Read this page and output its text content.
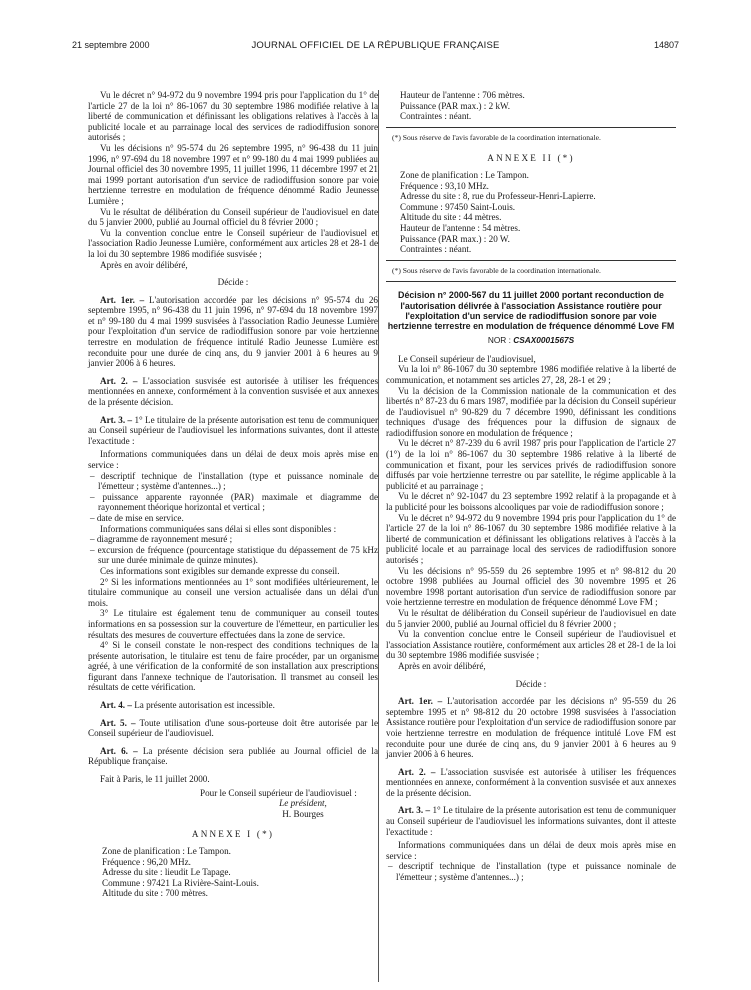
21 septembre 2000	JOURNAL OFFICIEL DE LA RÉPUBLIQUE FRANÇAISE	14807

Vu le décret n° 94-972 du 9 novembre 1994 pris pour l'application du 1° de l'article 27 de la loi n° 86-1067 du 30 septembre 1986 modifiée relative à la liberté de communication et définissant les obligations relatives à l'accès à la publicité locale et au parrainage local des services de radiodiffusion sonore autorisés ;

Vu les décisions n° 95-574 du 26 septembre 1995, n° 96-438 du 11 juin 1996, n° 97-694 du 18 novembre 1997 et n° 99-180 du 4 mai 1999 publiées au Journal officiel des 30 novembre 1995, 11 juillet 1996, 11 décembre 1997 et 21 mai 1999 portant autorisation d'un service de radiodiffusion sonore par voie hertzienne terrestre en modulation de fréquence dénommé Radio Jeunesse Lumière ;

Vu le résultat de délibération du Conseil supérieur de l'audiovisuel en date du 5 janvier 2000, publié au Journal officiel du 8 février 2000 ;

Vu la convention conclue entre le Conseil supérieur de l'audiovisuel et l'association Radio Jeunesse Lumière, conformément aux articles 28 et 28-1 de la loi du 30 septembre 1986 modifiée susvisée ;

Après en avoir délibéré,

Décide :

Art. 1er. – L'autorisation accordée par les décisions n° 95-574 du 26 septembre 1995, n° 96-438 du 11 juin 1996, n° 97-694 du 18 novembre 1997 et n° 99-180 du 4 mai 1999 susvisées à l'association Radio Jeunesse Lumière pour l'exploitation d'un service de radiodiffusion sonore par voie hertzienne terrestre en modulation de fréquence intitulé Radio Jeunesse Lumière est reconduite pour une durée de cinq ans, du 9 janvier 2001 à 6 heures au 9 janvier 2006 à 6 heures.

Art. 2. – L'association susvisée est autorisée à utiliser les fréquences mentionnées en annexe, conformément à la convention susvisée et aux annexes de la présente décision.

Art. 3. – 1° Le titulaire de la présente autorisation est tenu de communiquer au Conseil supérieur de l'audiovisuel les informations suivantes, dont il atteste l'exactitude :

Informations communiquées dans un délai de deux mois après mise en service :

– descriptif technique de l'installation (type et puissance nominale de l'émetteur ; système d'antennes...) ;

– puissance apparente rayonnée (PAR) maximale et diagramme de rayonnement théorique horizontal et vertical ;

– date de mise en service.

Informations communiquées sans délai si elles sont disponibles :

– diagramme de rayonnement mesuré ;

– excursion de fréquence (pourcentage statistique du dépassement de 75 kHz sur une durée minimale de quinze minutes).

Ces informations sont exigibles sur demande expresse du conseil.

2° Si les informations mentionnées au 1° sont modifiées ultérieurement, le titulaire communique au conseil une version actualisée dans un délai d'un mois.

3° Le titulaire est également tenu de communiquer au conseil toutes informations en sa possession sur la couverture de l'émetteur, en particulier les résultats des mesures de couverture effectuées dans la zone de service.

4° Si le conseil constate le non-respect des conditions techniques de la présente autorisation, le titulaire est tenu de faire procéder, par un organisme agréé, à une vérification de la conformité de son installation aux prescriptions figurant dans l'annexe technique de l'autorisation. Il transmet au conseil les résultats de cette vérification.

Art. 4. – La présente autorisation est incessible.

Art. 5. – Toute utilisation d'une sous-porteuse doit être autorisée par le Conseil supérieur de l'audiovisuel.

Art. 6. – La présente décision sera publiée au Journal officiel de la République française.

Fait à Paris, le 11 juillet 2000.

Pour le Conseil supérieur de l'audiovisuel :

Le président,

H. Bourges

ANNEXE I (*)

Zone de planification : Le Tampon.

Fréquence : 96,20 MHz.

Adresse du site : lieudit Le Tapage.

Commune : 97421 La Rivière-Saint-Louis.

Altitude du site : 700 mètres.

Hauteur de l'antenne : 706 mètres.

Puissance (PAR max.) : 2 kW.

Contraintes : néant.

(*) Sous réserve de l'avis favorable de la coordination internationale.

ANNEXE II (*)

Zone de planification : Le Tampon.

Fréquence : 93,10 MHz.

Adresse du site : 8, rue du Professeur-Henri-Lapierre.

Commune : 97450 Saint-Louis.

Altitude du site : 44 mètres.

Hauteur de l'antenne : 54 mètres.

Puissance (PAR max.) : 20 W.

Contraintes : néant.

(*) Sous réserve de l'avis favorable de la coordination internationale.

Décision n° 2000-567 du 11 juillet 2000 portant reconduction de l'autorisation délivrée à l'association Assistance routière pour l'exploitation d'un service de radiodiffusion sonore par voie hertzienne terrestre en modulation de fréquence dénommé Love FM

NOR : CSAX0001567S

Le Conseil supérieur de l'audiovisuel,

Vu la loi n° 86-1067 du 30 septembre 1986 modifiée relative à la liberté de communication, et notamment ses articles 27, 28, 28-1 et 29 ;

Vu la décision de la Commission nationale de la communication et des libertés n° 87-23 du 6 mars 1987, modifiée par la décision du Conseil supérieur de l'audiovisuel n° 90-829 du 7 décembre 1990, définissant les conditions techniques d'usage des fréquences pour la diffusion de signaux de radiodiffusion sonore en modulation de fréquence ;

Vu le décret n° 87-239 du 6 avril 1987 pris pour l'application de l'article 27 (1°) de la loi n° 86-1067 du 30 septembre 1986 relative à la liberté de communication et fixant, pour les services privés de radiodiffusion sonore diffusés par voie hertzienne terrestre ou par satellite, le régime applicable à la publicité et au parrainage ;

Vu le décret n° 92-1047 du 23 septembre 1992 relatif à la propagande et à la publicité pour les boissons alcooliques par voie de radiodiffusion sonore ;

Vu le décret n° 94-972 du 9 novembre 1994 pris pour l'application du 1° de l'article 27 de la loi n° 86-1067 du 30 septembre 1986 modifiée relative à la liberté de communication et définissant les obligations relatives à l'accès à la publicité locale et au parrainage local des services de radiodiffusion sonore autorisés ;

Vu les décisions n° 95-559 du 26 septembre 1995 et n° 98-812 du 20 octobre 1998 publiées au Journal officiel des 30 novembre 1995 et 26 novembre 1998 portant autorisation d'un service de radiodiffusion sonore par voie hertzienne terrestre en modulation de fréquence dénommé Love FM ;

Vu le résultat de délibération du Conseil supérieur de l'audiovisuel en date du 5 janvier 2000, publié au Journal officiel du 8 février 2000 ;

Vu la convention conclue entre le Conseil supérieur de l'audiovisuel et l'association Assistance routière, conformément aux articles 28 et 28-1 de la loi du 30 septembre 1986 modifiée susvisée ;

Après en avoir délibéré,

Décide :

Art. 1er. – L'autorisation accordée par les décisions n° 95-559 du 26 septembre 1995 et n° 98-812 du 20 octobre 1998 susvisées à l'association Assistance routière pour l'exploitation d'un service de radiodiffusion sonore par voie hertzienne terrestre en modulation de fréquence intitulé Love FM est reconduite pour une durée de cinq ans, du 9 janvier 2001 à 6 heures au 9 janvier 2006 à 6 heures.

Art. 2. – L'association susvisée est autorisée à utiliser les fréquences mentionnées en annexe, conformément à la convention susvisée et aux annexes de la présente décision.

Art. 3. – 1° Le titulaire de la présente autorisation est tenu de communiquer au Conseil supérieur de l'audiovisuel les informations suivantes, dont il atteste l'exactitude :

Informations communiquées dans un délai de deux mois après mise en service :

– descriptif technique de l'installation (type et puissance nominale de l'émetteur ; système d'antennes...) ;
